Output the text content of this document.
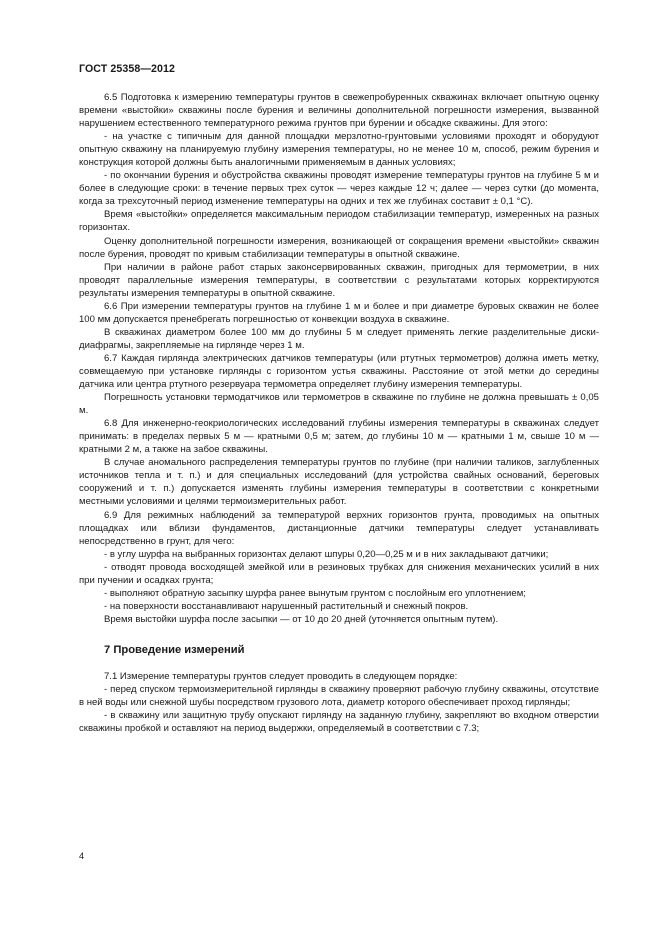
ГОСТ 25358—2012

6.5 Подготовка к измерению температуры грунтов в свежепробуренных скважинах включает опытную оценку времени «выстойки» скважины после бурения и величины дополнительной погрешности измерения, вызванной нарушением естественного температурного режима грунтов при бурении и обсадке скважины. Для этого:

- на участке с типичным для данной площадки мерзлотно-грунтовыми условиями проходят и оборудуют опытную скважину на планируемую глубину измерения температуры, но не менее 10 м, способ, режим бурения и конструкция которой должны быть аналогичными применяемым в данных условиях;

- по окончании бурения и обустройства скважины проводят измерение температуры грунтов на глубине 5 м и более в следующие сроки: в течение первых трех суток — через каждые 12 ч; далее — через сутки (до момента, когда за трехсуточный период изменение температуры на одних и тех же глубинах составит ± 0,1 °С).

Время «выстойки» определяется максимальным периодом стабилизации температур, измеренных на разных горизонтах.

Оценку дополнительной погрешности измерения, возникающей от сокращения времени «выстойки» скважин после бурения, проводят по кривым стабилизации температуры в опытной скважине.

При наличии в районе работ старых законсервированных скважин, пригодных для термометрии, в них проводят параллельные измерения температуры, в соответствии с результатами которых корректируются результаты измерения температуры в опытной скважине.

6.6 При измерении температуры грунтов на глубине 1 м и более и при диаметре буровых скважин не более 100 мм допускается пренебрегать погрешностью от конвекции воздуха в скважине.

В скважинах диаметром более 100 мм до глубины 5 м следует применять легкие разделительные диски-диафрагмы, закрепляемые на гирлянде через 1 м.

6.7 Каждая гирлянда электрических датчиков температуры (или ртутных термометров) должна иметь метку, совмещаемую при установке гирлянды с горизонтом устья скважины. Расстояние от этой метки до середины датчика или центра ртутного резервуара термометра определяет глубину измерения температуры.

Погрешность установки термодатчиков или термометров в скважине по глубине не должна превышать ± 0,05 м.

6.8 Для инженерно-геокриологических исследований глубины измерения температуры в скважинах следует принимать: в пределах первых 5 м — кратными 0,5 м; затем, до глубины 10 м — кратными 1 м, свыше 10 м — кратными 2 м, а также на забое скважины.

В случае аномального распределения температуры грунтов по глубине (при наличии таликов, заглубленных источников тепла и т. п.) и для специальных исследований (для устройства свайных оснований, береговых сооружений и т. п.) допускается изменять глубины измерения температуры в соответствии с конкретными местными условиями и целями термоизмерительных работ.

6.9 Для режимных наблюдений за температурой верхних горизонтов грунта, проводимых на опытных площадках или вблизи фундаментов, дистанционные датчики температуры следует устанавливать непосредственно в грунт, для чего:

- в углу шурфа на выбранных горизонтах делают шпуры 0,20—0,25 м и в них закладывают датчики;

- отводят провода восходящей змейкой или в резиновых трубках для снижения механических усилий в них при пучении и осадках грунта;

- выполняют обратную засыпку шурфа ранее вынутым грунтом с послойным его уплотнением;

- на поверхности восстанавливают нарушенный растительный и снежный покров.

Время выстойки шурфа после засыпки — от 10 до 20 дней (уточняется опытным путем).

7 Проведение измерений

7.1 Измерение температуры грунтов следует проводить в следующем порядке:

- перед спуском термоизмерительной гирлянды в скважину проверяют рабочую глубину скважины, отсутствие в ней воды или снежной шубы посредством грузового лота, диаметр которого обеспечивает проход гирлянды;

- в скважину или защитную трубу опускают гирлянду на заданную глубину, закрепляют во входном отверстии скважины пробкой и оставляют на период выдержки, определяемый в соответствии с 7.3;

4
